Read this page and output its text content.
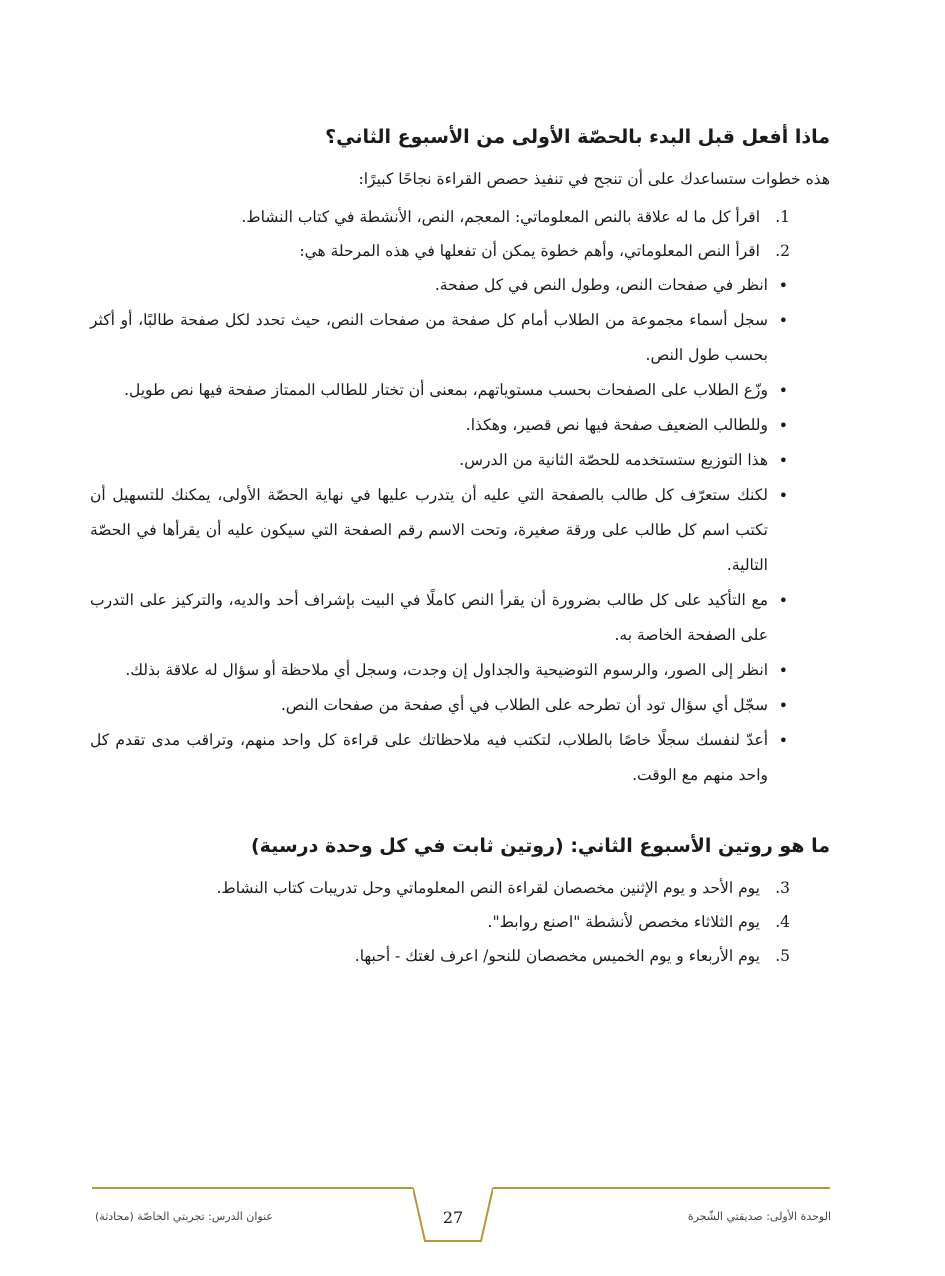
ماذا أفعل قبل البدء بالحصّة الأولى من الأسبوع الثاني؟

هذه خطوات ستساعدك على أن تنجح في تنفيذ حصص القراءة نجاحًا كبيرًا:

1.
اقرأ كل ما له علاقة بالنص المعلوماتي: المعجم، النص، الأنشطة في كتاب النشاط.
2.
اقرأ النص المعلوماتي، وأهم خطوة يمكن أن تفعلها في هذه المرحلة هي:
• انظر في صفحات النص، وطول النص في كل صفحة.
• سجل أسماء مجموعة من الطلاب أمام كل صفحة من صفحات النص، حيث تحدد لكل صفحة طالبًا، أو أكثر بحسب طول النص.
• وزّع الطلاب على الصفحات بحسب مستوياتهم، بمعنى أن تختار للطالب الممتاز صفحة فيها نص طويل.
• وللطالب الضعيف صفحة فيها نص قصير، وهكذا.
• هذا التوزيع ستستخدمه للحصّة الثانية من الدرس.
• لكنك ستعرّف كل طالب بالصفحة التي عليه أن يتدرب عليها في نهاية الحصّة الأولى، يمكنك للتسهيل أن تكتب اسم كل طالب على ورقة صغيرة، وتحت الاسم رقم الصفحة التي سيكون عليه أن يقرأها في الحصّة التالية.
• مع التأكيد على كل طالب بضرورة أن يقرأ النص كاملًا في البيت بإشراف أحد والديه، والتركيز على التدرب على الصفحة الخاصة به.
• انظر إلى الصور، والرسوم التوضيحية والجداول إن وجدت، وسجل أي ملاحظة أو سؤال له علاقة بذلك.
• سجّل أي سؤال تود أن تطرحه على الطلاب في أي صفحة من صفحات النص.
• أعدّ لنفسك سجلًا خاصًا بالطلاب، لتكتب فيه ملاحظاتك على قراءة كل واحد منهم، وتراقب مدى تقدم كل واحد منهم مع الوقت.
ما هو روتين الأسبوع الثاني: (روتين ثابت في كل وحدة درسية)
3.
يوم الأحد و يوم الإثنين مخصصان لقراءة النص المعلوماتي وحل تدريبات كتاب النشاط.
4.
يوم الثلاثاء مخصص لأنشطة "اصنع روابط".
5.
يوم الأربعاء و يوم الخميس مخصصان للنحو/ اعرف لغتك - أحبها.
27	الوحدة الأولى: صديقتي الشّجرة
عنوان الدرس: تجربتي الخاصّة (محادثة)
